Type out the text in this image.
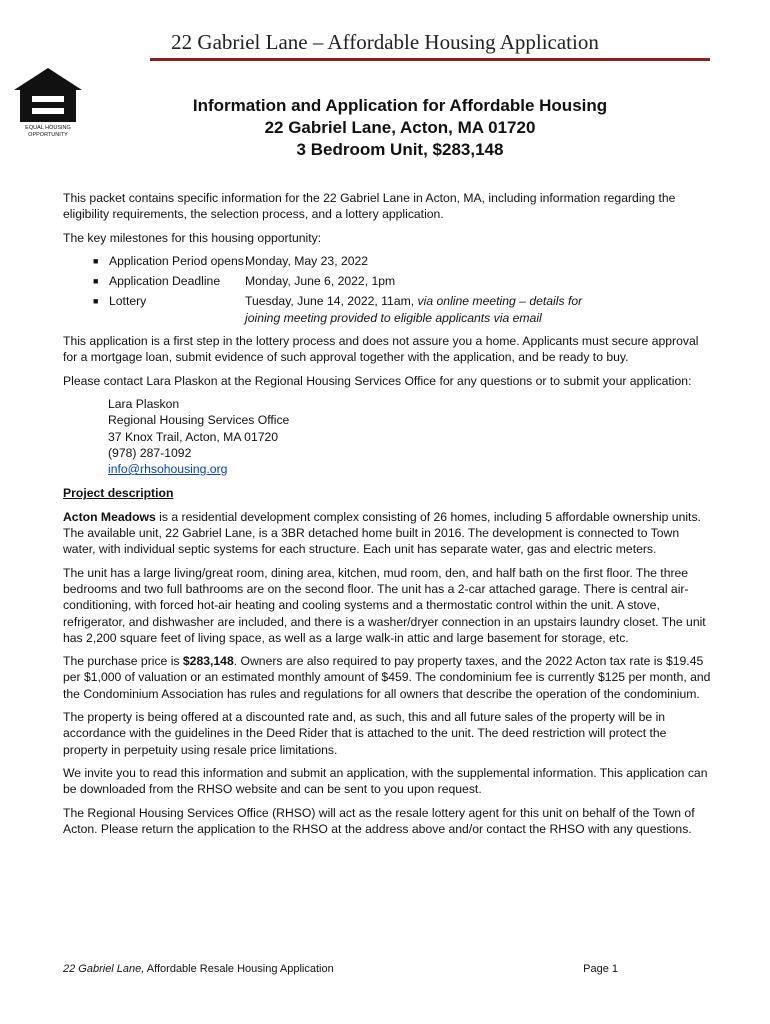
22 Gabriel Lane – Affordable Housing Application
EQUAL HOUSING
OPPORTUNITY
Information and Application for Affordable Housing
22 Gabriel Lane, Acton, MA 01720
3 Bedroom Unit, $283,148

This packet contains specific information for the 22 Gabriel Lane in Acton, MA, including information regarding the eligibility requirements, the selection process, and a lottery application.

The key milestones for this housing opportunity:

■ Application Period opens Monday, May 23, 2022
■ Application Deadline	Monday, June 6, 2022, 1pm
■ Lottery	Tuesday, June 14, 2022, 11am, via online meeting – details for joining meeting provided to eligible applicants via email

This application is a first step in the lottery process and does not assure you a home. Applicants must secure approval for a mortgage loan, submit evidence of such approval together with the application, and be ready to buy.

Please contact Lara Plaskon at the Regional Housing Services Office for any questions or to submit your application:

Lara Plaskon
Regional Housing Services Office
37 Knox Trail, Acton, MA 01720
(978) 287-1092
info@rhsohousing.org

Project description

Acton Meadows is a residential development complex consisting of 26 homes, including 5 affordable ownership units. The available unit, 22 Gabriel Lane, is a 3BR detached home built in 2016. The development is connected to Town water, with individual septic systems for each structure. Each unit has separate water, gas and electric meters.

The unit has a large living/great room, dining area, kitchen, mud room, den, and half bath on the first floor. The three bedrooms and two full bathrooms are on the second floor. The unit has a 2-car attached garage. There is central air-conditioning, with forced hot-air heating and cooling systems and a thermostatic control within the unit. A stove, refrigerator, and dishwasher are included, and there is a washer/dryer connection in an upstairs laundry closet. The unit has 2,200 square feet of living space, as well as a large walk-in attic and large basement for storage, etc.

The purchase price is $283,148. Owners are also required to pay property taxes, and the 2022 Acton tax rate is $19.45 per $1,000 of valuation or an estimated monthly amount of $459. The condominium fee is currently $125 per month, and the Condominium Association has rules and regulations for all owners that describe the operation of the condominium.

The property is being offered at a discounted rate and, as such, this and all future sales of the property will be in accordance with the guidelines in the Deed Rider that is attached to the unit. The deed restriction will protect the property in perpetuity using resale price limitations.

We invite you to read this information and submit an application, with the supplemental information. This application can be downloaded from the RHSO website and can be sent to you upon request.

The Regional Housing Services Office (RHSO) will act as the resale lottery agent for this unit on behalf of the Town of Acton. Please return the application to the RHSO at the address above and/or contact the RHSO with any questions.

22 Gabriel Lane, Affordable Resale Housing Application	Page 1
